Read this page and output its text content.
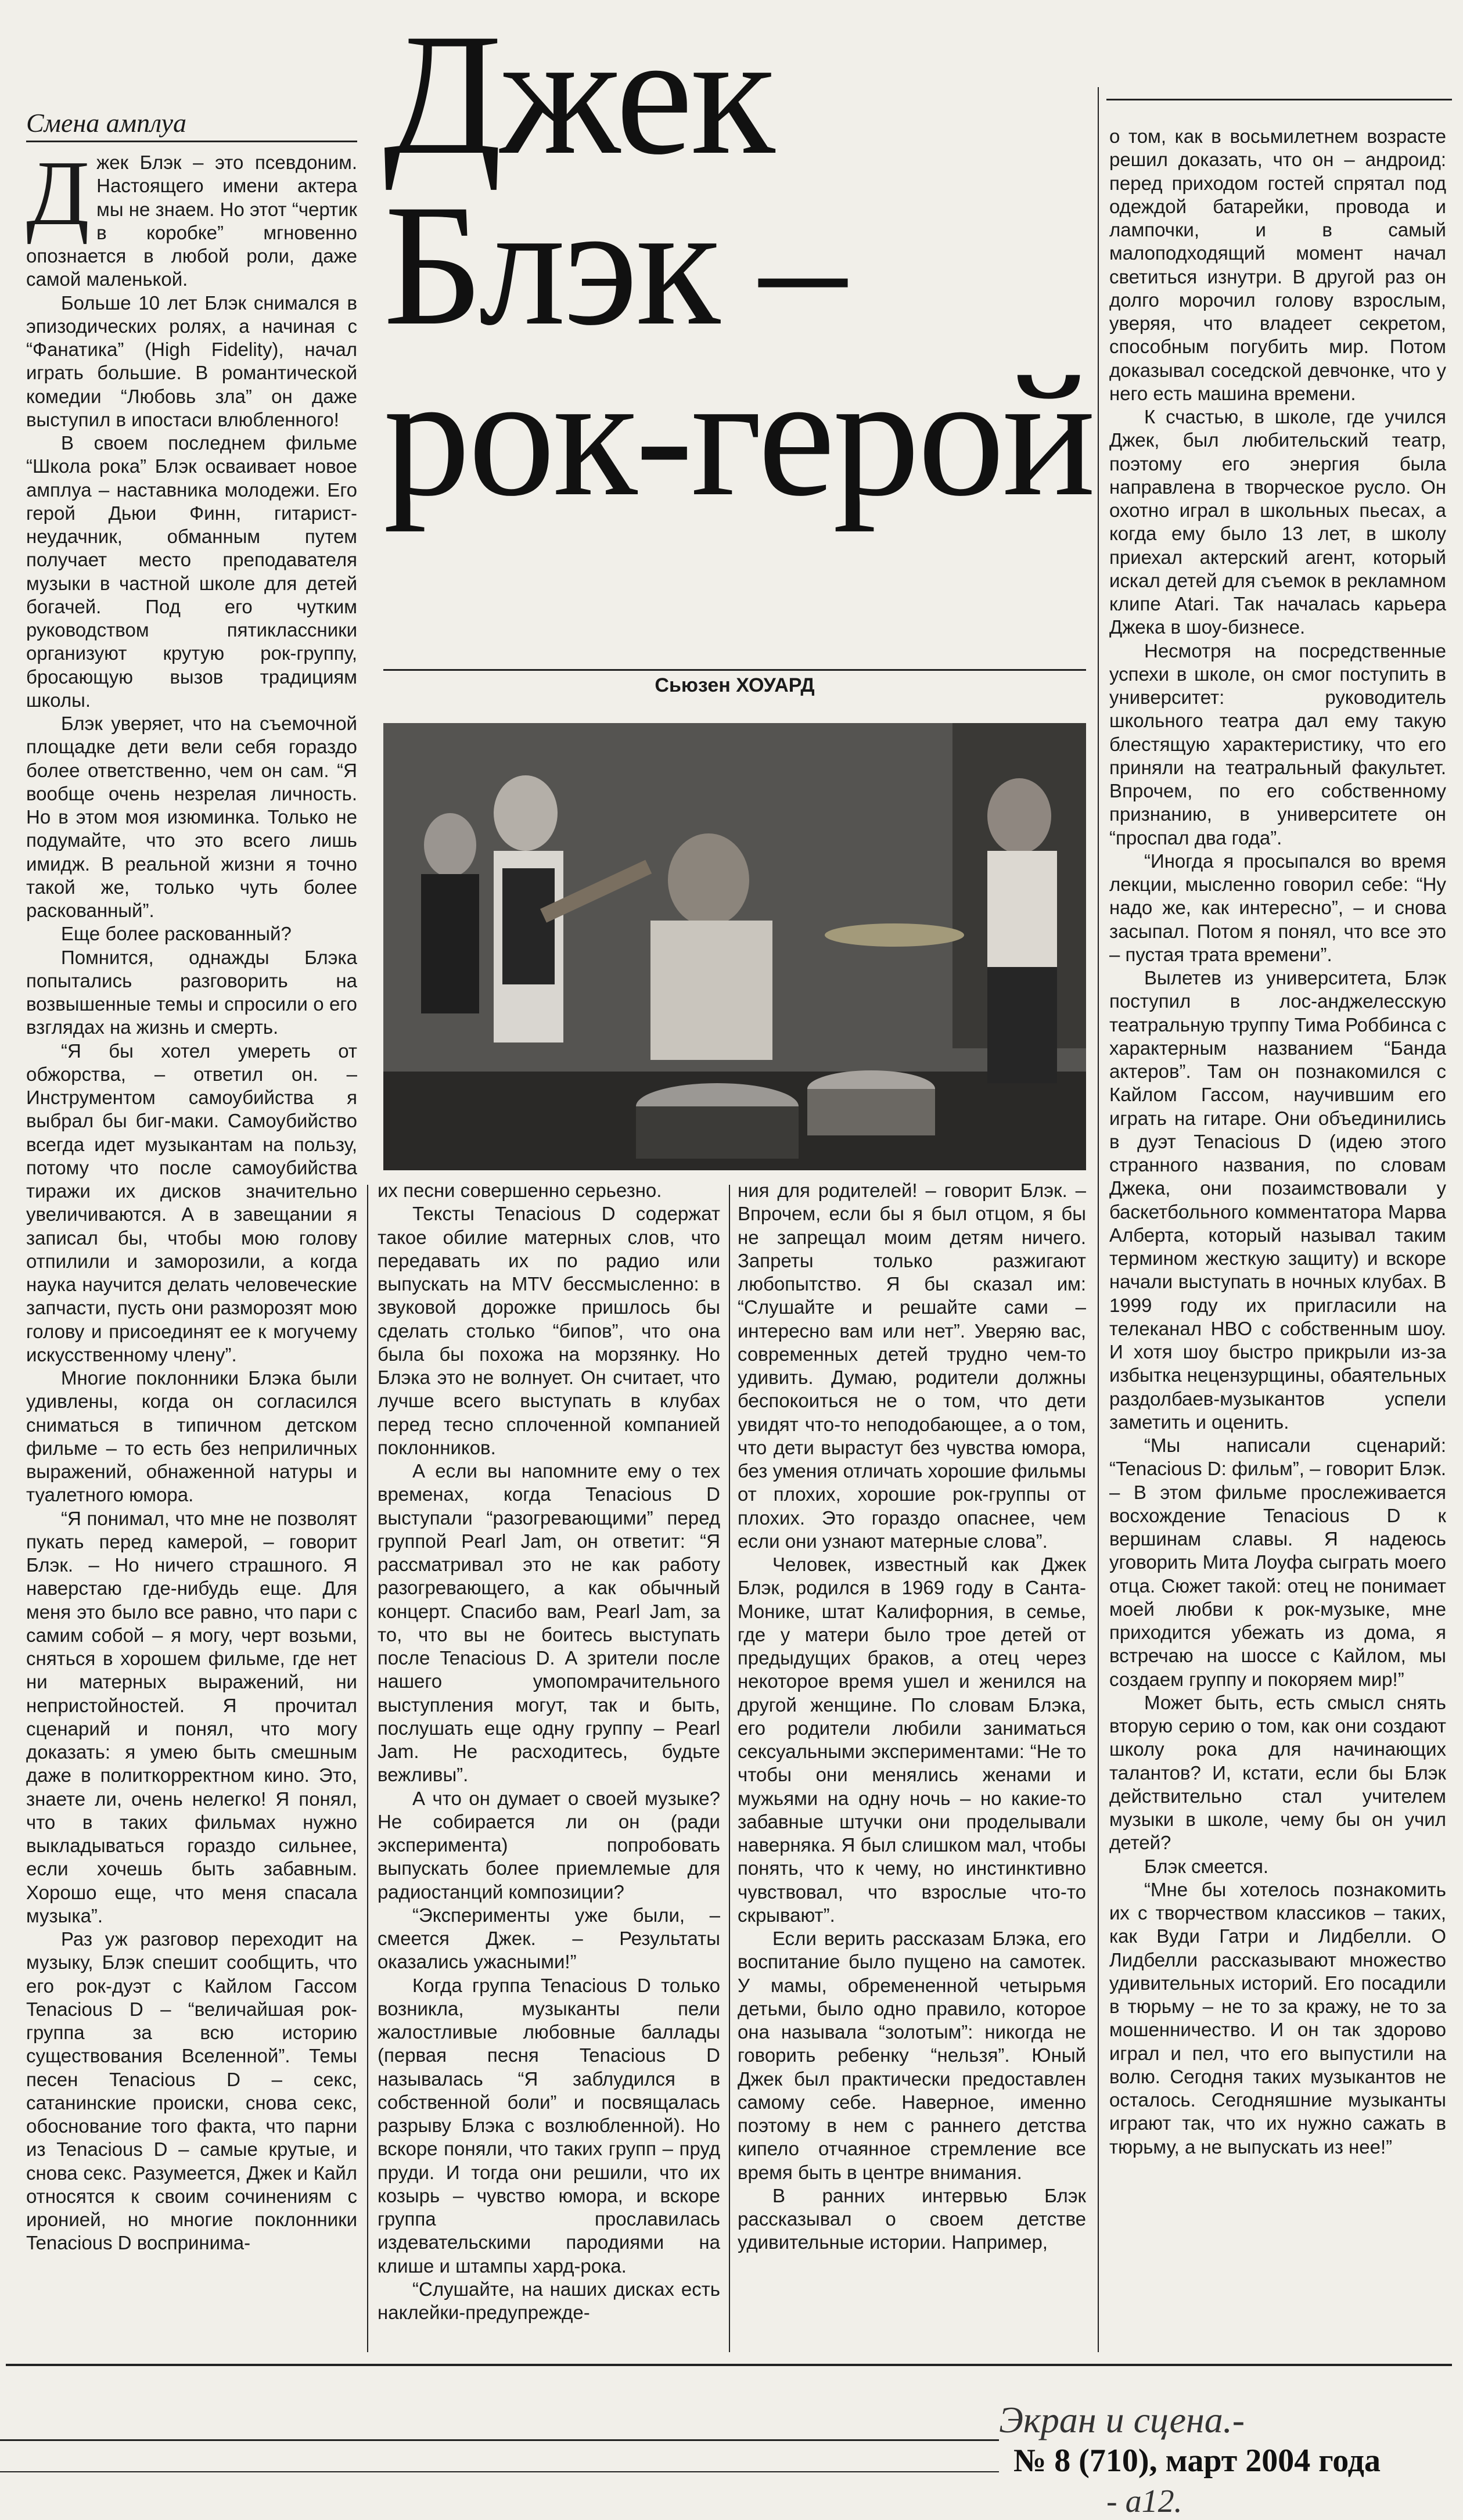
Смена амплуа	Джек
Блэк –
рок-герой

Джек Блэк – это псевдоним. Настоящего имени актера мы не знаем. Но этот “чертик в коробке” мгновенно опознается в любой роли, даже самой маленькой.

Больше 10 лет Блэк снимался в эпизодических ролях, а начиная с “Фанатика” (High Fidelity), начал играть большие. В романтической комедии “Любовь зла” он даже выступил в ипостаси влюбленного!

В своем последнем фильме “Школа рока” Блэк осваивает новое амплуа – наставника молодежи. Его герой Дьюи Финн, гитарист-неудачник, обманным путем получает место преподавателя музыки в частной школе для детей богачей. Под его чутким руководством пятиклассники организуют крутую рок-группу, бросающую вызов традициям школы.

Блэк уверяет, что на съемочной площадке дети вели себя гораздо более ответственно, чем он сам. “Я вообще очень незрелая личность. Но в этом моя изюминка. Только не подумайте, что это всего лишь имидж. В реальной жизни я точно такой же, только чуть более раскованный”.

Еще более раскованный?

Помнится, однажды Блэка попытались разговорить на возвышенные темы и спросили о его взглядах на жизнь и смерть.

“Я бы хотел умереть от обжорства, – ответил он. – Инструментом самоубийства я выбрал бы биг-маки. Самоубийство всегда идет музыкантам на пользу, потому что после самоубийства тиражи их дисков значительно увеличиваются. А в завещании я записал бы, чтобы мою голову отпилили и заморозили, а когда наука научится делать человеческие запчасти, пусть они разморозят мою голову и присоединят ее к могучему искусственному члену”.

Многие поклонники Блэка были удивлены, когда он согласился сниматься в типичном детском фильме – то есть без неприличных выражений, обнаженной натуры и туалетного юмора.

“Я понимал, что мне не позволят пукать перед камерой, – говорит Блэк. – Но ничего страшного. Я наверстаю где-нибудь еще. Для меня это было все равно, что пари с самим собой – я могу, черт возьми, сняться в хорошем фильме, где нет ни матерных выражений, ни непристойностей. Я прочитал сценарий и понял, что могу доказать: я умею быть смешным даже в политкорректном кино. Это, знаете ли, очень нелегко! Я понял, что в таких фильмах нужно выкладываться гораздо сильнее, если хочешь быть забавным. Хорошо еще, что меня спасала музыка”.

Раз уж разговор переходит на музыку, Блэк спешит сообщить, что его рок-дуэт с Кайлом Гассом Tenacious D – “величайшая рок-группа за всю историю существования Вселенной”. Темы песен Tenacious D – секс, сатанинские происки, снова секс, обоснование того факта, что парни из Tenacious D – самые крутые, и снова секс. Разумеется, Джек и Кайл относятся к своим сочинениям с иронией, но многие поклонники Tenacious D воспринима-

Сьюзен ХОУАРД

их песни совершенно серьезно.

Тексты Tenacious D содержат такое обилие матерных слов, что передавать их по радио или выпускать на MTV бессмысленно: в звуковой дорожке пришлось бы сделать столько “бипов”, что она была бы похожа на морзянку. Но Блэка это не волнует. Он считает, что лучше всего выступать в клубах перед тесно сплоченной компанией поклонников.

А если вы напомните ему о тех временах, когда Tenacious D выступали “разогревающими” перед группой Pearl Jam, он ответит: “Я рассматривал это не как работу разогревающего, а как обычный концерт. Спасибо вам, Pearl Jam, за то, что вы не боитесь выступать после Tenacious D. А зрители после нашего умопомрачительного выступления могут, так и быть, послушать еще одну группу – Pearl Jam. Не расходитесь, будьте вежливы”.

А что он думает о своей музыке? Не собирается ли он (ради эксперимента) попробовать выпускать более приемлемые для радиостанций композиции?

“Эксперименты уже были, – смеется Джек. – Результаты оказались ужасными!”

Когда группа Tenacious D только возникла, музыканты пели жалостливые любовные баллады (первая песня Tenacious D называлась “Я заблудился в собственной боли” и посвящалась разрыву Блэка с возлюбленной). Но вскоре поняли, что таких групп – пруд пруди. И тогда они решили, что их козырь – чувство юмора, и вскоре группа прославилась издевательскими пародиями на клише и штампы хард-рока.

“Слушайте, на наших дисках есть наклейки-предупрежде-

ния для родителей! – говорит Блэк. – Впрочем, если бы я был отцом, я бы не запрещал моим детям ничего. Запреты только разжигают любопытство. Я бы сказал им: “Слушайте и решайте сами – интересно вам или нет”. Уверяю вас, современных детей трудно чем-то удивить. Думаю, родители должны беспокоиться не о том, что дети увидят что-то неподобающее, а о том, что дети вырастут без чувства юмора, без умения отличать хорошие фильмы от плохих, хорошие рок-группы от плохих. Это гораздо опаснее, чем если они узнают матерные слова”.

Человек, известный как Джек Блэк, родился в 1969 году в Санта-Монике, штат Калифорния, в семье, где у матери было трое детей от предыдущих браков, а отец через некоторое время ушел и женился на другой женщине. По словам Блэка, его родители любили заниматься сексуальными экспериментами: “Не то чтобы они менялись женами и мужьями на одну ночь – но какие-то забавные штучки они проделывали наверняка. Я был слишком мал, чтобы понять, что к чему, но инстинктивно чувствовал, что взрослые что-то скрывают”.

Если верить рассказам Блэка, его воспитание было пущено на самотек. У мамы, обремененной четырьмя детьми, было одно правило, которое она называла “золотым”: никогда не говорить ребенку “нельзя”. Юный Джек был практически предоставлен самому себе. Наверное, именно поэтому в нем с раннего детства кипело отчаянное стремление все время быть в центре внимания.

В ранних интервью Блэк рассказывал о своем детстве удивительные истории. Например,

о том, как в восьмилетнем возрасте решил доказать, что он – андроид: перед приходом гостей спрятал под одеждой батарейки, провода и лампочки, и в самый малоподходящий момент начал светиться изнутри. В другой раз он долго морочил голову взрослым, уверяя, что владеет секретом, способным погубить мир. Потом доказывал соседской девчонке, что у него есть машина времени.

К счастью, в школе, где учился Джек, был любительский театр, поэтому его энергия была направлена в творческое русло. Он охотно играл в школьных пьесах, а когда ему было 13 лет, в школу приехал актерский агент, который искал детей для съемок в рекламном клипе Atari. Так началась карьера Джека в шоу-бизнесе.

Несмотря на посредственные успехи в школе, он смог поступить в университет: руководитель школьного театра дал ему такую блестящую характеристику, что его приняли на театральный факультет. Впрочем, по его собственному признанию, в университете он “проспал два года”.

“Иногда я просыпался во время лекции, мысленно говорил себе: “Ну надо же, как интересно”, – и снова засыпал. Потом я понял, что все это – пустая трата времени”.

Вылетев из университета, Блэк поступил в лос-анджелесскую театральную труппу Тима Роббинса с характерным названием “Банда актеров”. Там он познакомился с Кайлом Гассом, научившим его играть на гитаре. Они объединились в дуэт Tenacious D (идею этого странного названия, по словам Джека, они позаимствовали у баскетбольного комментатора Марва Алберта, который называл таким термином жесткую защиту) и вскоре начали выступать в ночных клубах. В 1999 году их пригласили на телеканал HBO с собственным шоу. И хотя шоу быстро прикрыли из-за избытка нецензурщины, обаятельных раздолбаев-музыкантов успели заметить и оценить.

“Мы написали сценарий: “Tenacious D: фильм”, – говорит Блэк. – В этом фильме прослеживается восхождение Tenacious D к вершинам славы. Я надеюсь уговорить Мита Лоуфа сыграть моего отца. Сюжет такой: отец не понимает моей любви к рок-музыке, мне приходится убежать из дома, я встречаю на шоссе с Кайлом, мы создаем группу и покоряем мир!”

Может быть, есть смысл снять вторую серию о том, как они создают школу рока для начинающих талантов? И, кстати, если бы Блэк действительно стал учителем музыки в школе, чему бы он учил детей?

Блэк смеется.

“Мне бы хотелось познакомить их с творчеством классиков – таких, как Вуди Гатри и Лидбелли. О Лидбелли рассказывают множество удивительных историй. Его посадили в тюрьму – не то за кражу, не то за мошенничество. И он так здорово играл и пел, что его выпустили на волю. Сегодня таких музыкантов не осталось. Сегодняшние музыканты играют так, что их нужно сажать в тюрьму, а не выпускать из нее!”

Экран и сцена.-
№ 8 (710), март 2004 года
- a12.
